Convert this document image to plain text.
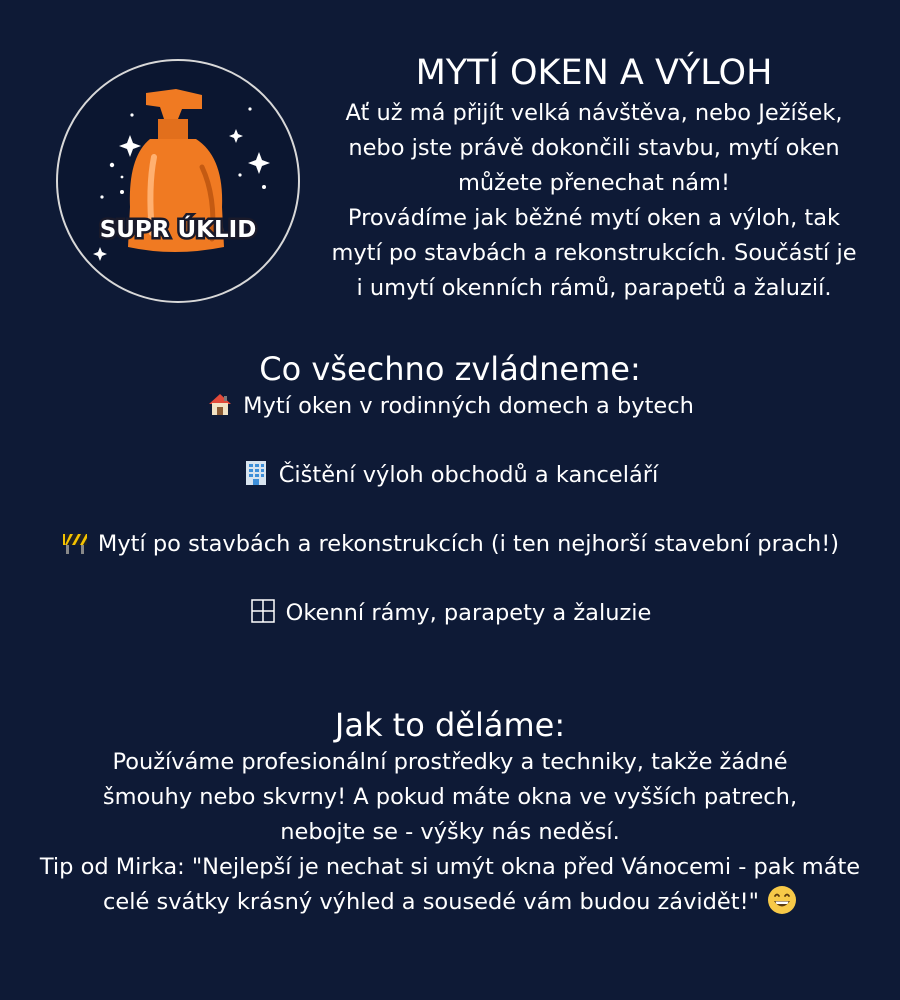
SUPR ÚKLID
MYTÍ OKEN A VÝLOH

Ať už má přijít velká návštěva, nebo Ježíšek,
nebo jste právě dokončili stavbu, mytí oken
můžete přenechat nám!
Provádíme jak běžné mytí oken a výloh, tak
mytí po stavbách a rekonstrukcích. Součástí je
i umytí okenních rámů, parapetů a žaluzií.

Co všechno zvládneme:
Mytí oken v rodinných domech a bytech
Čištění výloh obchodů a kanceláří
Mytí po stavbách a rekonstrukcích (i ten nejhorší stavební prach!)
Okenní rámy, parapety a žaluzie
Jak to děláme:

Používáme profesionální prostředky a techniky, takže žádné šmouhy nebo skvrny! A pokud máte okna ve vyšších patrech, nebojte se - výšky nás neděsí.

Tip od Mirka: "Nejlepší je nechat si umýt okna před Vánocemi - pak máte celé svátky krásný výhled a sousedé vám budou závidět!"
